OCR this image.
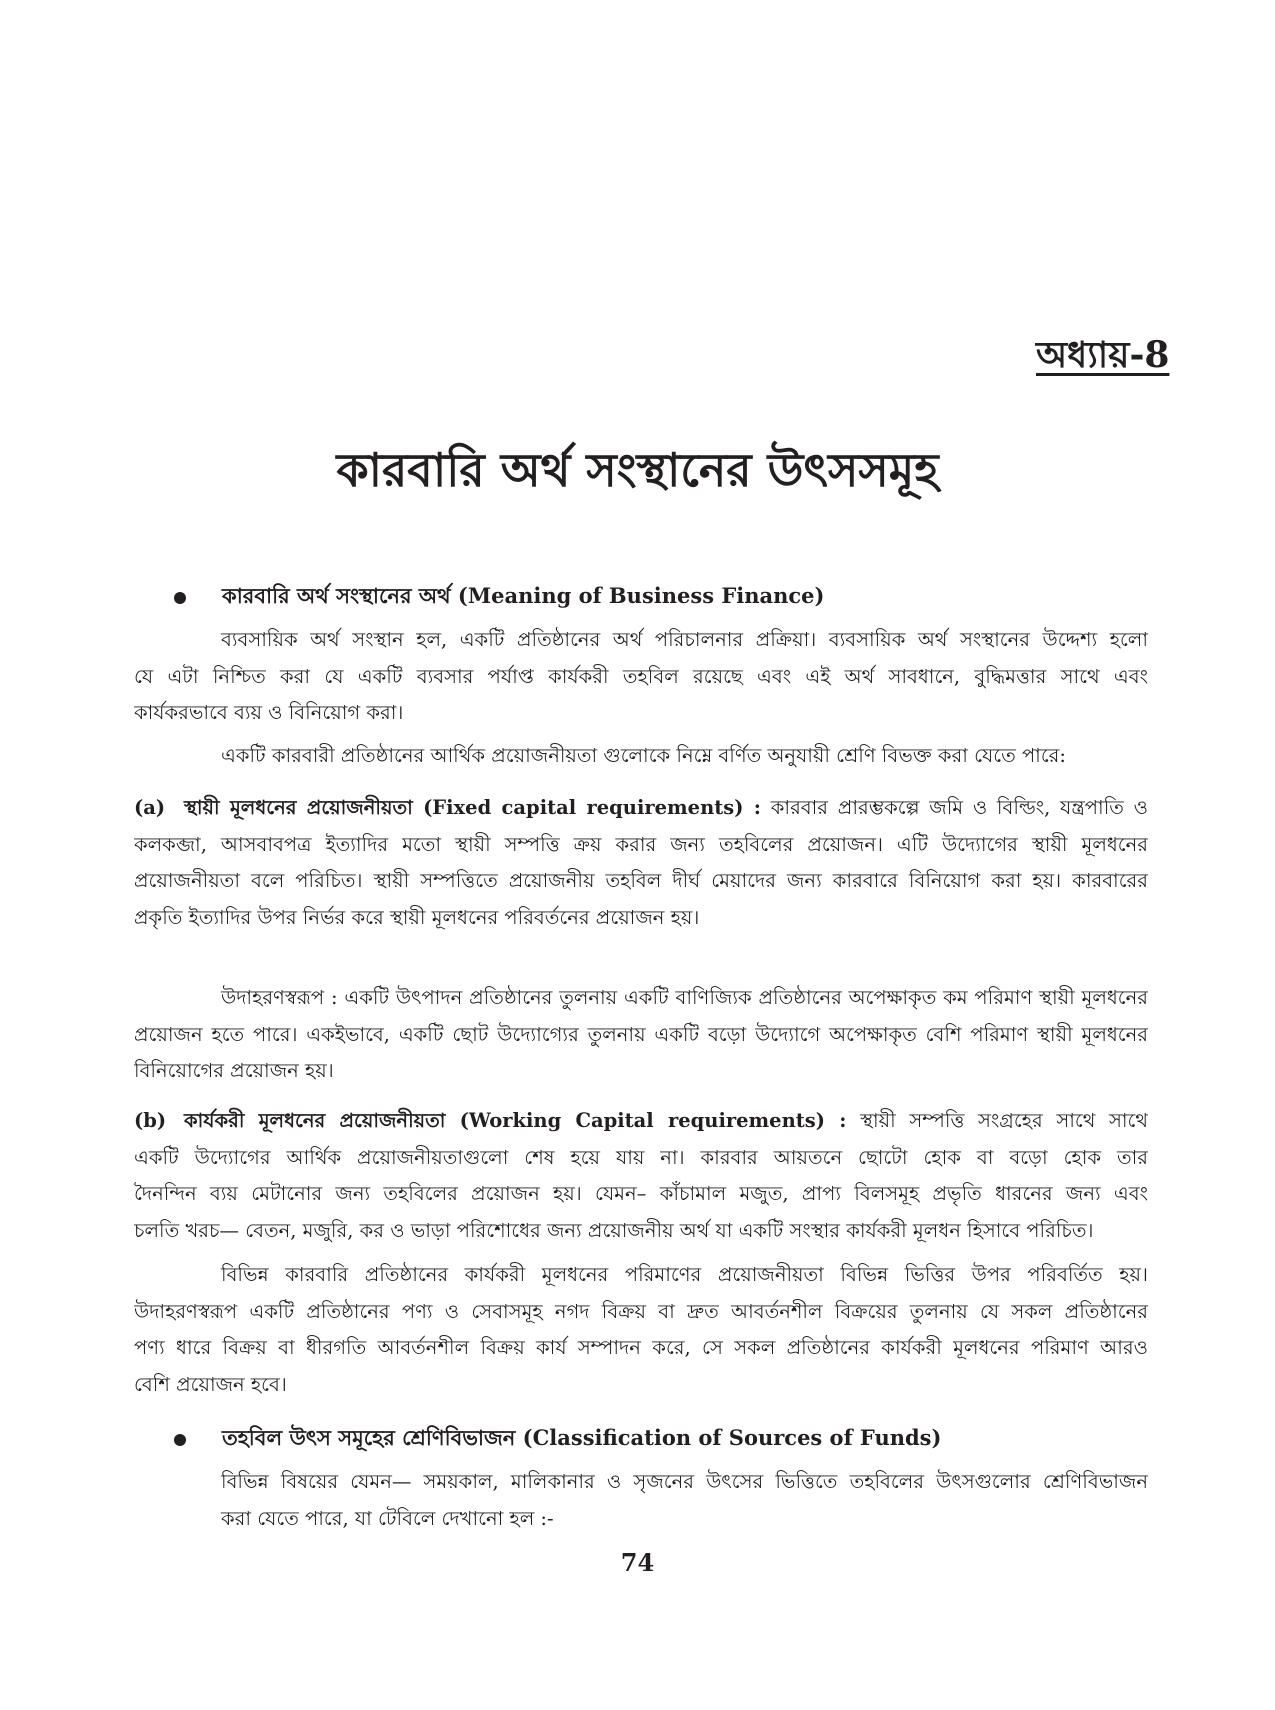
অধ্যায়-8
কারবারি অর্থ সংস্থানের উৎসসমূহ
কারবারি অর্থ সংস্থানের অর্থ (Meaning of Business Finance)
ব্যবসায়িক অর্থ সংস্থান হল, একটি প্রতিষ্ঠানের অর্থ পরিচালনার প্রক্রিয়া। ব্যবসায়িক অর্থ সংস্থানের উদ্দেশ্য হলো
যে এটা নিশ্চিত করা যে একটি ব্যবসার পর্যাপ্ত কার্যকরী তহবিল রয়েছে এবং এই অর্থ সাবধানে, বুদ্ধিমত্তার সাথে এবং
কার্যকরভাবে ব্যয় ও বিনিয়োগ করা।
একটি কারবারী প্রতিষ্ঠানের আর্থিক প্রয়োজনীয়তা গুলোকে নিম্নে বর্ণিত অনুযায়ী শ্রেণি বিভক্ত করা যেতে পারে:
(a) স্থায়ী মূলধনের প্রয়োজনীয়তা (Fixed capital requirements) : কারবার প্রারম্ভকল্পে জমি ও বিল্ডিং, যন্ত্রপাতি ও
কলকব্জা, আসবাবপত্র ইত্যাদির মতো স্থায়ী সম্পত্তি ক্রয় করার জন্য তহবিলের প্রয়োজন। এটি উদ্যোগের স্থায়ী মূলধনের
প্রয়োজনীয়তা বলে পরিচিত। স্থায়ী সম্পত্তিতে প্রয়োজনীয় তহবিল দীর্ঘ মেয়াদের জন্য কারবারে বিনিয়োগ করা হয়। কারবারের
প্রকৃতি ইত্যাদির উপর নির্ভর করে স্থায়ী মূলধনের পরিবর্তনের প্রয়োজন হয়।
উদাহরণস্বরূপ : একটি উৎপাদন প্রতিষ্ঠানের তুলনায় একটি বাণিজ্যিক প্রতিষ্ঠানের অপেক্ষাকৃত কম পরিমাণ স্থায়ী মূলধনের
প্রয়োজন হতে পারে। একইভাবে, একটি ছোট উদ্যোগ্যের তুলনায় একটি বড়ো উদ্যোগে অপেক্ষাকৃত বেশি পরিমাণ স্থায়ী মূলধনের
বিনিয়োগের প্রয়োজন হয়।
(b) কার্যকরী মূলধনের প্রয়োজনীয়তা (Working Capital requirements) : স্থায়ী সম্পত্তি সংগ্রহের সাথে সাথে
একটি উদ্যোগের আর্থিক প্রয়োজনীয়তাগুলো শেষ হয়ে যায় না। কারবার আয়তনে ছোটো হোক বা বড়ো হোক তার
দৈনন্দিন ব্যয় মেটানোর জন্য তহবিলের প্রয়োজন হয়। যেমন– কাঁচামাল মজুত, প্রাপ্য বিলসমূহ প্রভৃতি ধারনের জন্য এবং
চলতি খরচ— বেতন, মজুরি, কর ও ভাড়া পরিশোধের জন্য প্রয়োজনীয় অর্থ যা একটি সংস্থার কার্যকরী মূলধন হিসাবে পরিচিত।
বিভিন্ন কারবারি প্রতিষ্ঠানের কার্যকরী মূলধনের পরিমাণের প্রয়োজনীয়তা বিভিন্ন ভিত্তির উপর পরিবর্তিত হয়।
উদাহরণস্বরূপ একটি প্রতিষ্ঠানের পণ্য ও সেবাসমূহ নগদ বিক্রয় বা দ্রুত আবর্তনশীল বিক্রয়ের তুলনায় যে সকল প্রতিষ্ঠানের
পণ্য ধারে বিক্রয় বা ধীরগতি আবর্তনশীল বিক্রয় কার্য সম্পাদন করে, সে সকল প্রতিষ্ঠানের কার্যকরী মূলধনের পরিমাণ আরও
বেশি প্রয়োজন হবে।
তহবিল উৎস সমূহের শ্রেণিবিভাজন (Classification of Sources of Funds)
বিভিন্ন বিষয়ের যেমন— সময়কাল, মালিকানার ও সৃজনের উৎসের ভিত্তিতে তহবিলের উৎসগুলোর শ্রেণিবিভাজন
করা যেতে পারে, যা টেবিলে দেখানো হল :-
74
